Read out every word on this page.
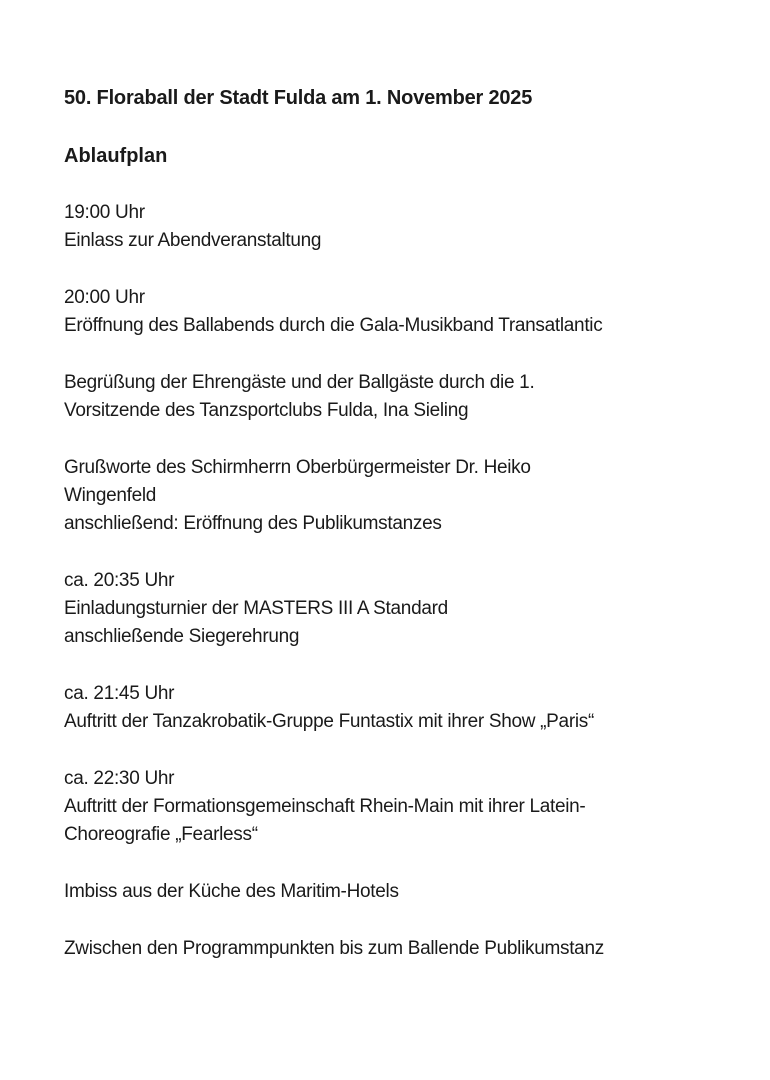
50. Floraball der Stadt Fulda am 1. November 2025
Ablaufplan
19:00 Uhr
Einlass zur Abendveranstaltung
20:00 Uhr
Eröffnung des Ballabends durch die Gala-Musikband Transatlantic
Begrüßung der Ehrengäste und der Ballgäste durch die 1.
Vorsitzende des Tanzsportclubs Fulda, Ina Sieling
Grußworte des Schirmherrn Oberbürgermeister Dr. Heiko
Wingenfeld
anschließend: Eröffnung des Publikumstanzes
ca. 20:35 Uhr
Einladungsturnier der MASTERS III A Standard
anschließende Siegerehrung
ca. 21:45 Uhr
Auftritt der Tanzakrobatik-Gruppe Funtastix mit ihrer Show „Paris“
ca. 22:30 Uhr
Auftritt der Formationsgemeinschaft Rhein-Main mit ihrer Latein-
Choreografie „Fearless“
Imbiss aus der Küche des Maritim-Hotels
Zwischen den Programmpunkten bis zum Ballende Publikumstanz
